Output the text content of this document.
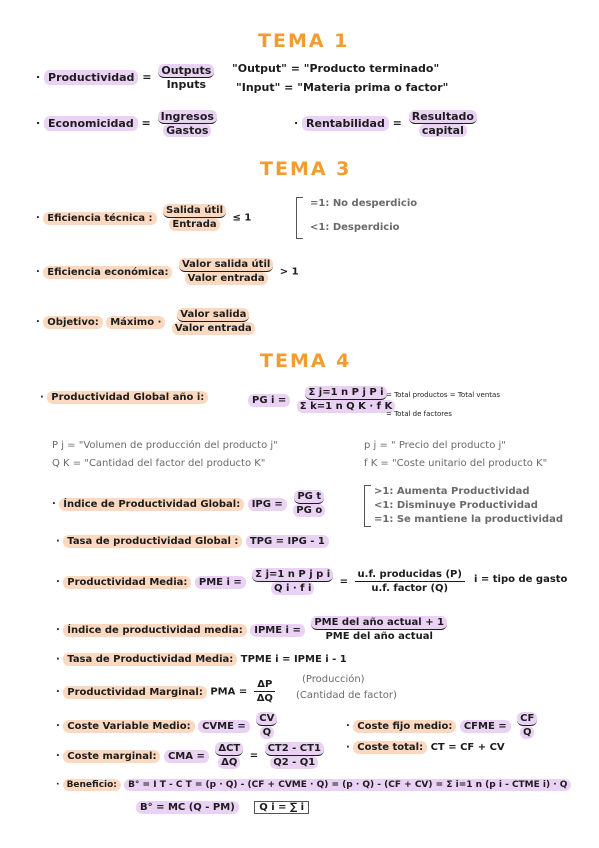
TEMA 1
· Productividad = $\frac{\text{Outputs}}{\text{Inputs}}$ "Output" = "Producto terminado"
"Input" = "Materia prima o factor"
· Economicidad = $\frac{\text{Ingresos}}{\text{Gastos}}$	· Rentabilidad = $\frac{\text{Resultado}}{\text{capital}}$
TEMA 3
· Eficiencia técnica : $\frac{\text{Salida útil}}{\text{Entrada}} \le 1$
=1: No desperdicio
<1: Desperdicio
· Eficiencia económica: $\frac{\text{Valor salida útil}}{\text{Valor entrada}} > 1$
· Objetivo: Máximo · $\frac{\text{Valor salida}}{\text{Valor entrada}}$
TEMA 4
· Productividad Global año i:	PG $i = \frac{\text{Σ j=1 n P j P i}}{\text{Σ k=1 n Q K · f K}}$
= Total productos = Total ventas
= Total de factores
P j = "Volumen de producción del producto j"
Q K = "Cantidad del factor del producto K"
p j = " Precio del producto j"
f K = "Coste unitario del producto K"
· Índice de Productividad Global: IPG = $\frac{\text{PG t}}{\text{PG o}}$	>1: Aumenta Productividad
<1: Disminuye Productividad
=1: Se mantiene la productividad
· Tasa de productividad Global : TPG = IPG - 1
· Productividad Media: PME $i = \frac{\text{Σ j=1 n P j p i}}{\text{Q i · f i}} = \frac{\text{u.f. producidas (P)}}{\text{u.f. factor (Q)}}$ i = tipo de gasto
· Índice de productividad media: IPME $i = \frac{\text{PME del año actual + 1}}{\text{PME del año actual}}$
· Tasa de Productividad Media: TPME i = IPME i - 1
· Productividad Marginal: PMA = $\frac{\Delta P}{\Delta Q}$	(Producción)
(Cantidad de factor)
· Coste Variable Medio: CVME = $\frac{CV}{Q}$	· Coste fijo medio: CFME = $\frac{CF}{Q}$
· Coste marginal: CMA = $\frac{\text{ΔCT}}{\Delta Q} = \frac{CT2 - CT1}{Q2 - Q1}$ · Coste total: CT = CF + CV
· Beneficio: B° = I T - C T = (p · Q) - (CF + CVME · Q) = (p · Q) - (CF + CV) = Σ i=1 n (p i - CTME i) · Q
B° = MC (Q - PM) Q i = ∑ i
